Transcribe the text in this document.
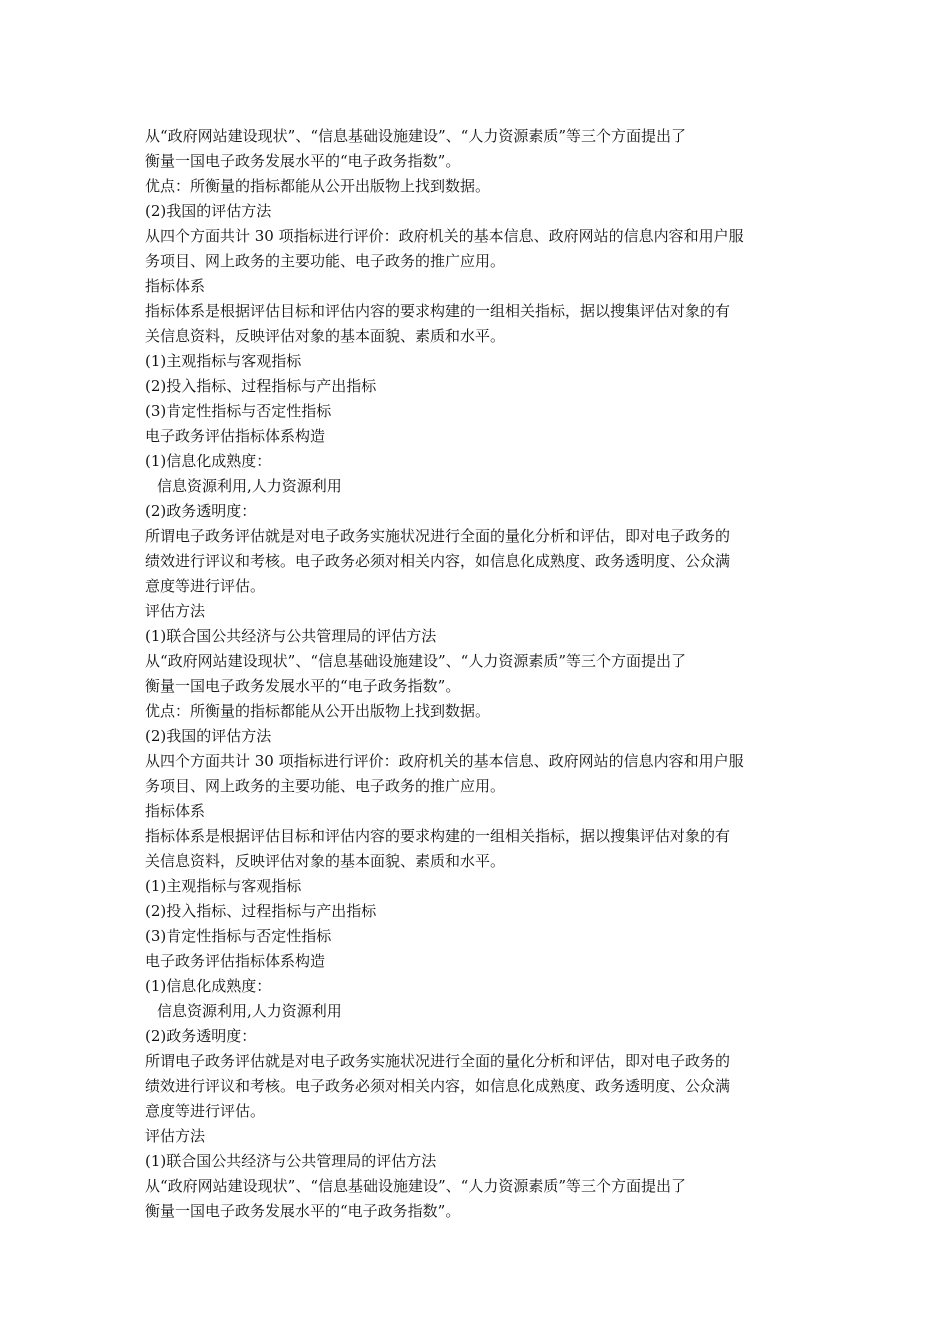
从“政府网站建设现状”、“信息基础设施建设”、“人力资源素质”等三个方面提出了
衡量一国电子政务发展水平的“电子政务指数”。
优点：所衡量的指标都能从公开出版物上找到数据。
(2)我国的评估方法
从四个方面共计 30 项指标进行评价：政府机关的基本信息、政府网站的信息内容和用户服
务项目、网上政务的主要功能、电子政务的推广应用。
指标体系
指标体系是根据评估目标和评估内容的要求构建的一组相关指标，据以搜集评估对象的有
关信息资料，反映评估对象的基本面貌、素质和水平。
(1)主观指标与客观指标
(2)投入指标、过程指标与产出指标
(3)肯定性指标与否定性指标
电子政务评估指标体系构造
(1)信息化成熟度：
信息资源利用,人力资源利用
(2)政务透明度：
所谓电子政务评估就是对电子政务实施状况进行全面的量化分析和评估，即对电子政务的
绩效进行评议和考核。电子政务必须对相关内容，如信息化成熟度、政务透明度、公众满
意度等进行评估。
评估方法
(1)联合国公共经济与公共管理局的评估方法
从“政府网站建设现状”、“信息基础设施建设”、“人力资源素质”等三个方面提出了
衡量一国电子政务发展水平的“电子政务指数”。
优点：所衡量的指标都能从公开出版物上找到数据。
(2)我国的评估方法
从四个方面共计 30 项指标进行评价：政府机关的基本信息、政府网站的信息内容和用户服
务项目、网上政务的主要功能、电子政务的推广应用。
指标体系
指标体系是根据评估目标和评估内容的要求构建的一组相关指标，据以搜集评估对象的有
关信息资料，反映评估对象的基本面貌、素质和水平。
(1)主观指标与客观指标
(2)投入指标、过程指标与产出指标
(3)肯定性指标与否定性指标
电子政务评估指标体系构造
(1)信息化成熟度：
信息资源利用,人力资源利用
(2)政务透明度：
所谓电子政务评估就是对电子政务实施状况进行全面的量化分析和评估，即对电子政务的
绩效进行评议和考核。电子政务必须对相关内容，如信息化成熟度、政务透明度、公众满
意度等进行评估。
评估方法
(1)联合国公共经济与公共管理局的评估方法
从“政府网站建设现状”、“信息基础设施建设”、“人力资源素质”等三个方面提出了
衡量一国电子政务发展水平的“电子政务指数”。
